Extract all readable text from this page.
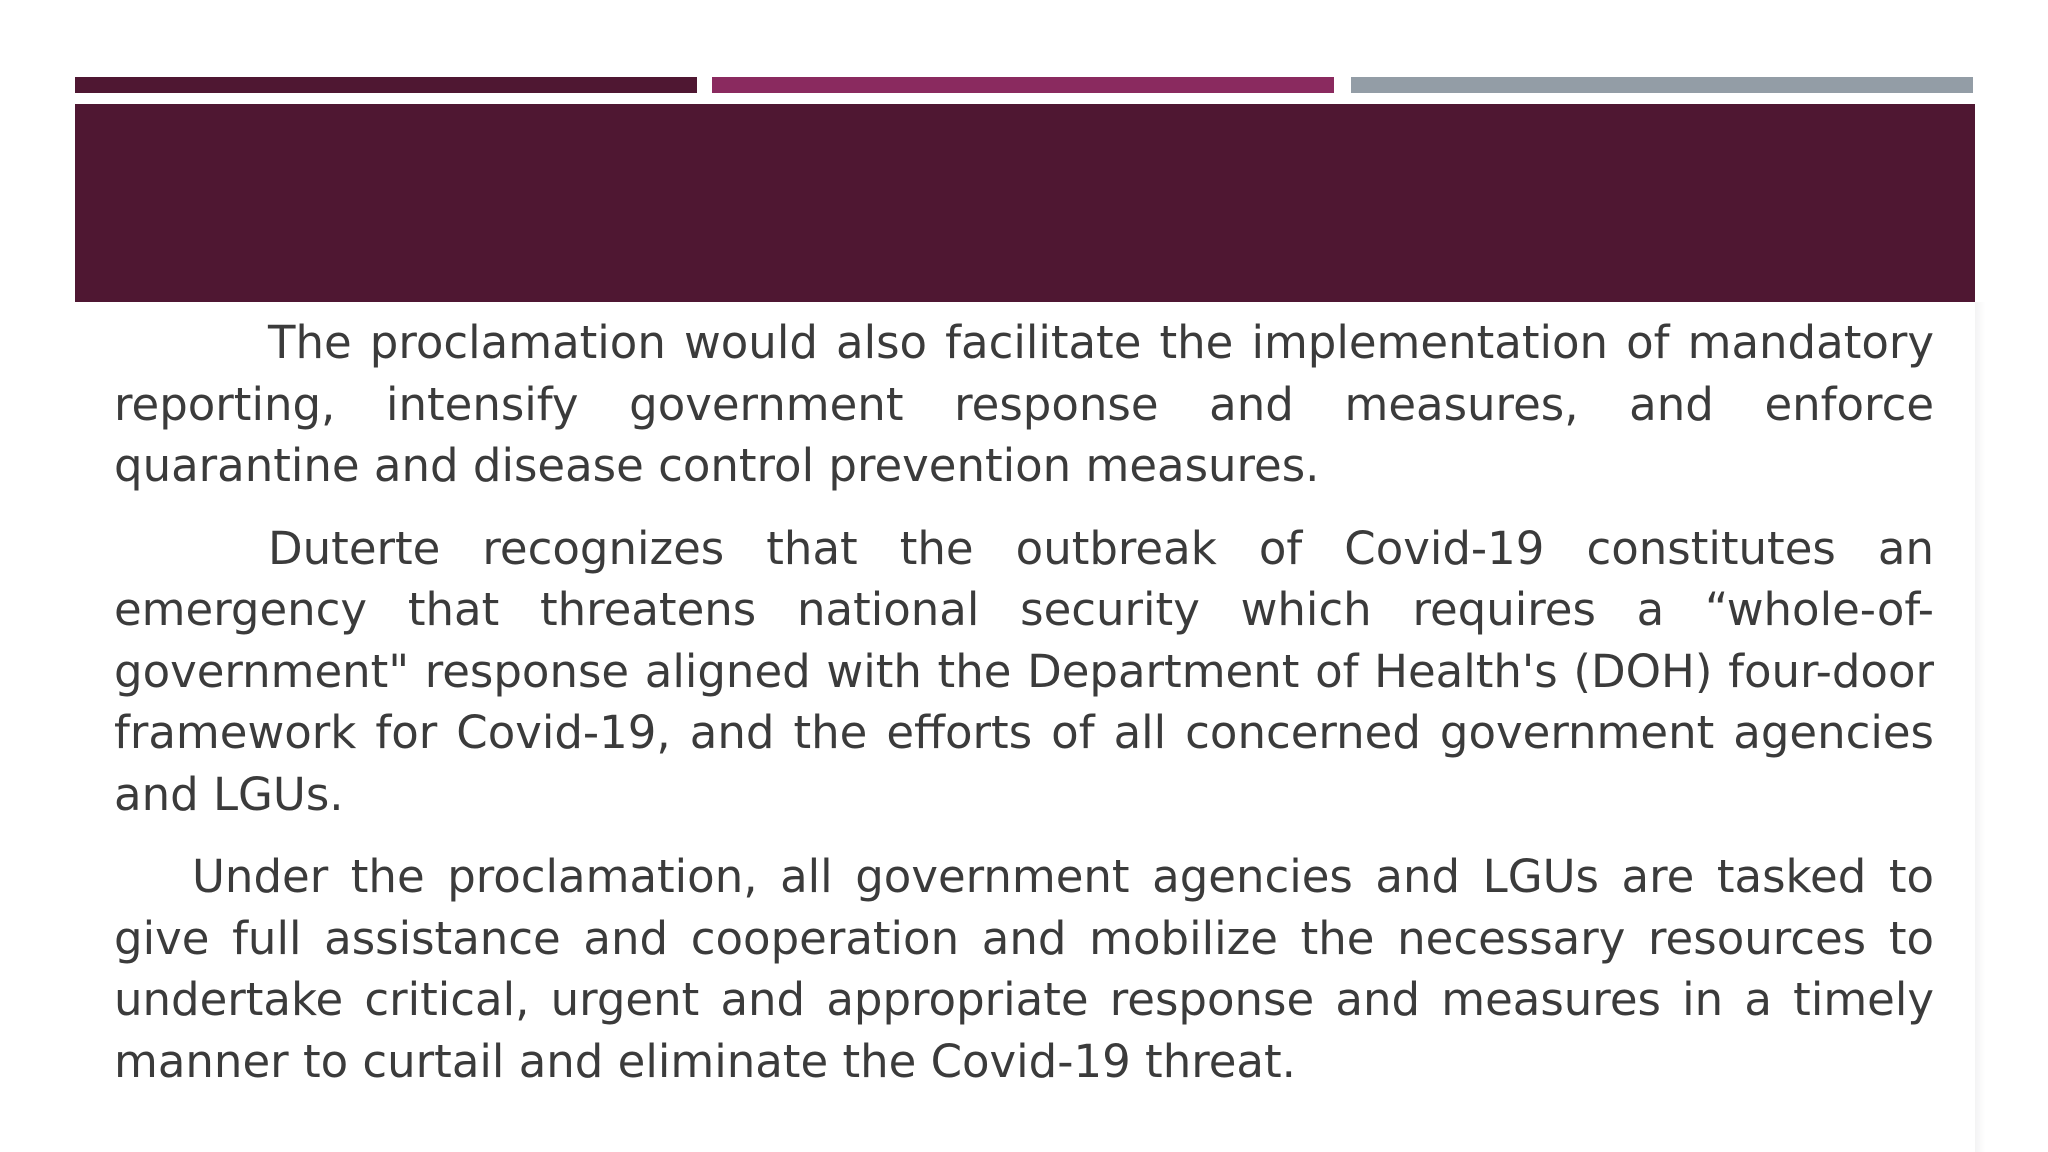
The proclamation would also facilitate the implementation of mandatory reporting, intensify government response and measures, and enforce quarantine and disease control prevention measures.

Duterte recognizes that the outbreak of Covid-19 constitutes an emergency that threatens national security which requires a “whole-of-government" response aligned with the Department of Health's (DOH) four-door framework for Covid-19, and the efforts of all concerned government agencies and LGUs.

Under the proclamation, all government agencies and LGUs are tasked to give full assistance and cooperation and mobilize the necessary resources to undertake critical, urgent and appropriate response and measures in a timely manner to curtail and eliminate the Covid-19 threat.
